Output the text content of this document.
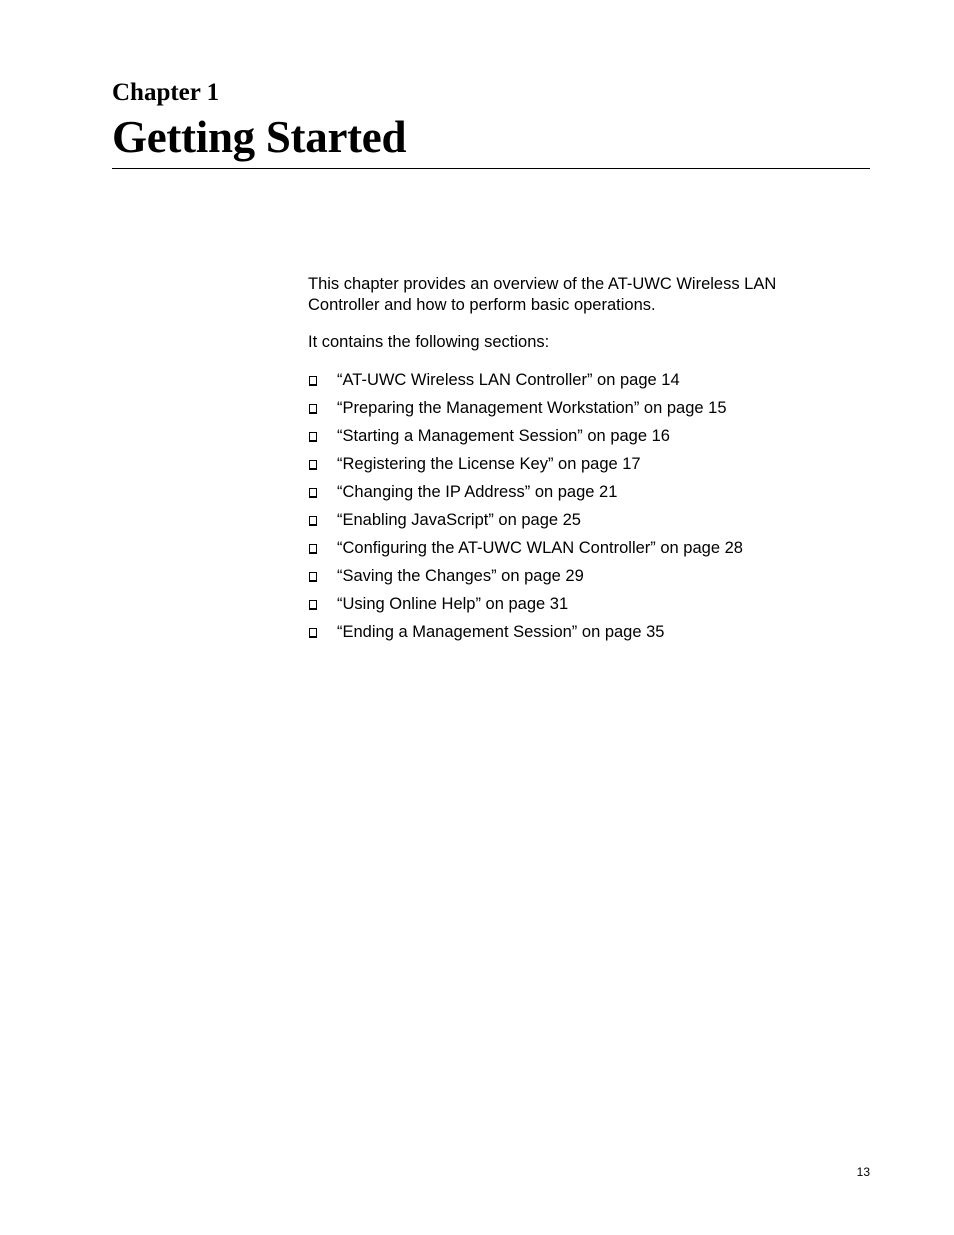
Chapter 1
Getting Started

This chapter provides an overview of the AT-UWC Wireless LAN Controller and how to perform basic operations.

It contains the following sections:

“AT-UWC Wireless LAN Controller” on page 14
“Preparing the Management Workstation” on page 15
“Starting a Management Session” on page 16
“Registering the License Key” on page 17
“Changing the IP Address” on page 21
“Enabling JavaScript” on page 25
“Configuring the AT-UWC WLAN Controller” on page 28
“Saving the Changes” on page 29
“Using Online Help” on page 31
“Ending a Management Session” on page 35
13
